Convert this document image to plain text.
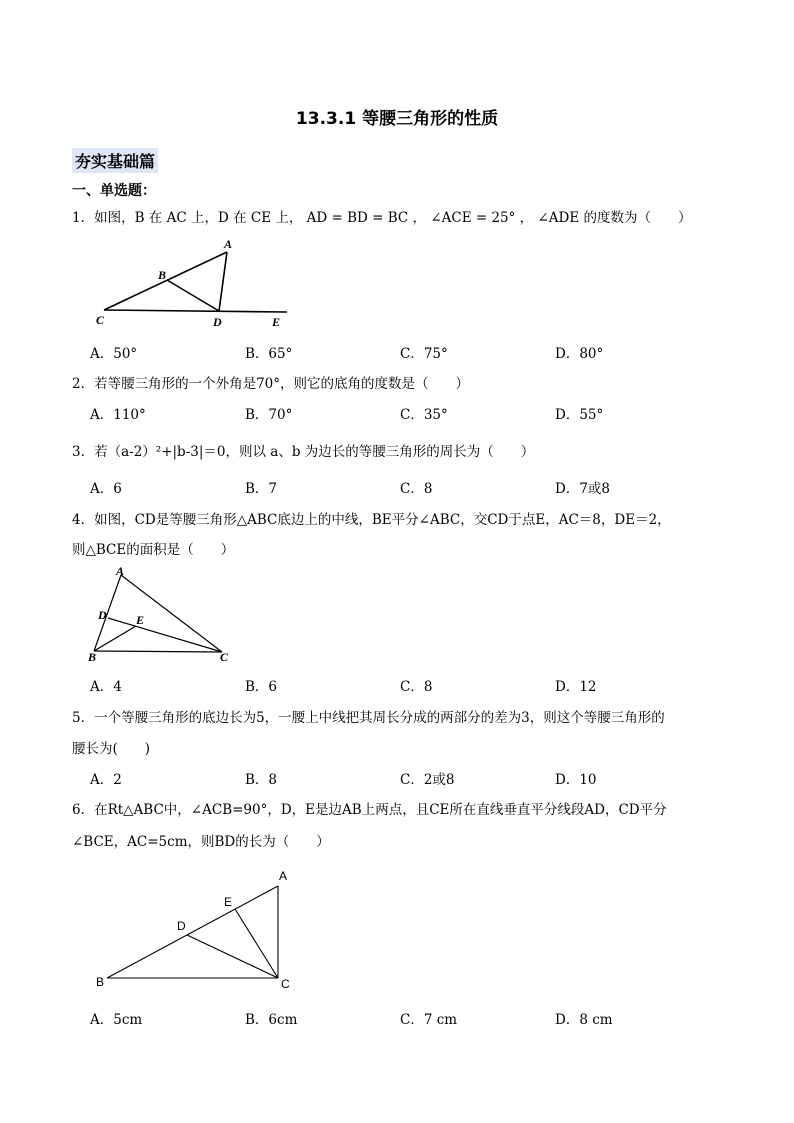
13.3.1 等腰三角形的性质
夯实基础篇
一、单选题：
1．如图，B 在 AC 上，D 在 CE 上， AD = BD = BC ， ∠ACE = 25° ， ∠ADE 的度数为（　　）
A
B
C	D	E
A．50°	B．65°	C．75°	D．80°
2．若等腰三角形的一个外角是70°，则它的底角的度数是（　　）
A．110°	B．70°	C．35°	D．55°
3．若（a-2）²+|b-3|＝0，则以 a、b 为边长的等腰三角形的周长为（　　）
A．6	B．7	C．8	D．7或8
4．如图，CD是等腰三角形△ABC底边上的中线，BE平分∠ABC，交CD于点E，AC＝8，DE＝2，
则△BCE的面积是（　　）
A
B	C
D E
A．4	B．6	C．8	D．12
5．一个等腰三角形的底边长为5，一腰上中线把其周长分成的两部分的差为3，则这个等腰三角形的
腰长为(　　)
A．2	B．8	C．2或8	D．10
6．在Rt△ABC中，∠ACB=90°，D，E是边AB上两点，且CE所在直线垂直平分线段AD，CD平分
∠BCE，AC=5cm，则BD的长为（　　）
A
B	C
D
E
A．5cm	B．6cm	C．7 cm	D．8 cm
